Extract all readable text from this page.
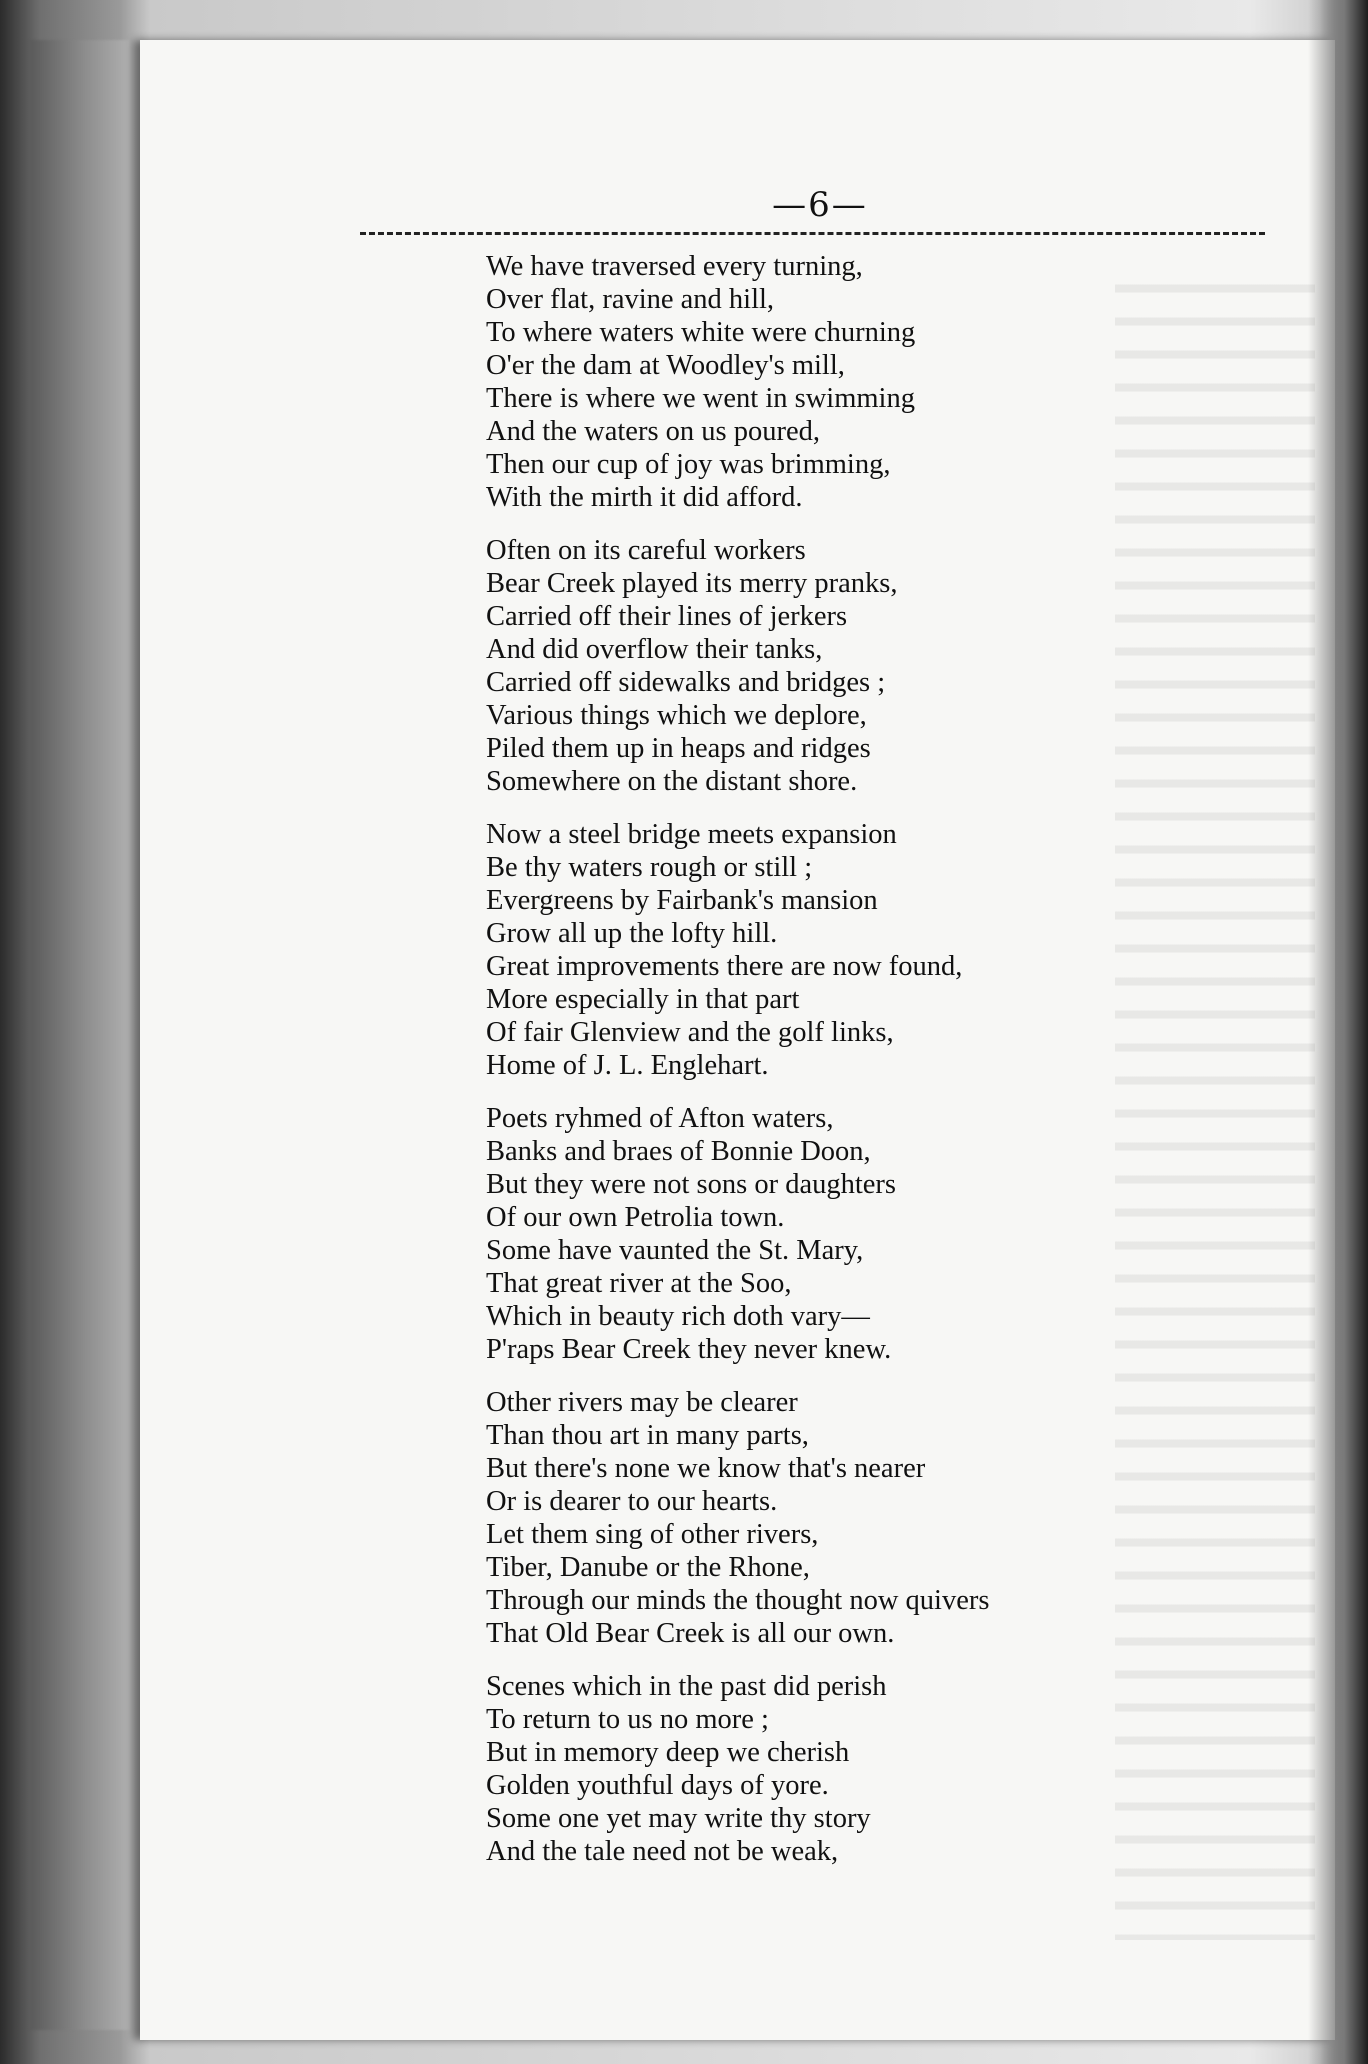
—6—
We have traversed every turning,
Over flat, ravine and hill,
To where waters white were churning
O'er the dam at Woodley's mill,
There is where we went in swimming
And the waters on us poured,
Then our cup of joy was brimming,
With the mirth it did afford.
Often on its careful workers
Bear Creek played its merry pranks,
Carried off their lines of jerkers
And did overflow their tanks,
Carried off sidewalks and bridges ;
Various things which we deplore,
Piled them up in heaps and ridges
Somewhere on the distant shore.
Now a steel bridge meets expansion
Be thy waters rough or still ;
Evergreens by Fairbank's mansion
Grow all up the lofty hill.
Great improvements there are now found,
More especially in that part
Of fair Glenview and the golf links,
Home of J. L. Englehart.
Poets ryhmed of Afton waters,
Banks and braes of Bonnie Doon,
But they were not sons or daughters
Of our own Petrolia town.
Some have vaunted the St. Mary,
That great river at the Soo,
Which in beauty rich doth vary—
P'raps Bear Creek they never knew.
Other rivers may be clearer
Than thou art in many parts,
But there's none we know that's nearer
Or is dearer to our hearts.
Let them sing of other rivers,
Tiber, Danube or the Rhone,
Through our minds the thought now quivers
That Old Bear Creek is all our own.
Scenes which in the past did perish
To return to us no more ;
But in memory deep we cherish
Golden youthful days of yore.
Some one yet may write thy story
And the tale need not be weak,
